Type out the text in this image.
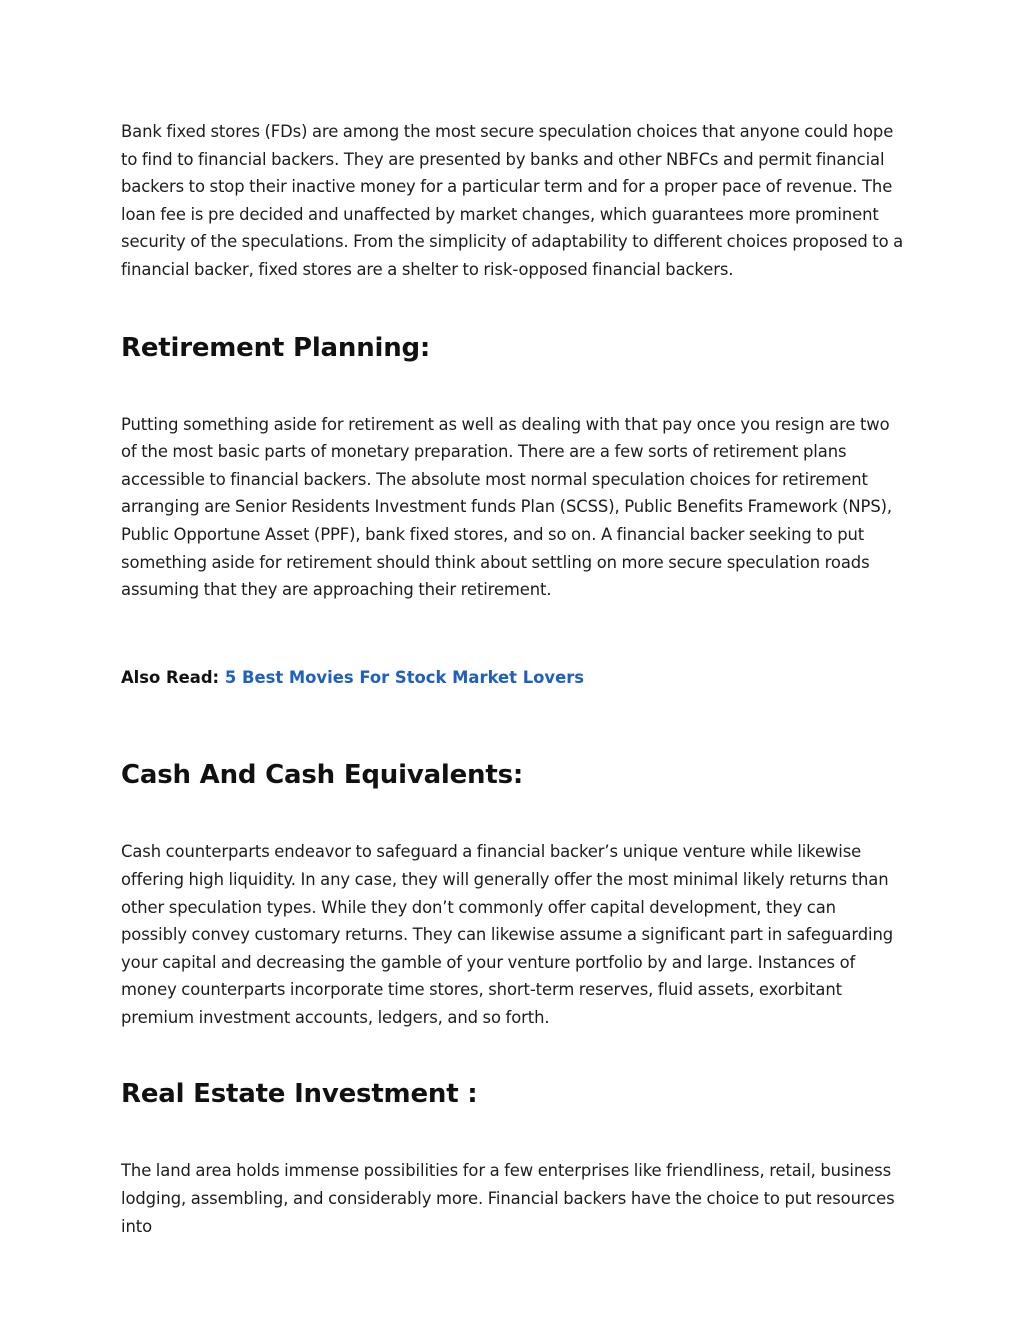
Bank fixed stores (FDs) are among the most secure speculation choices that anyone could hope to find to financial backers. They are presented by banks and other NBFCs and permit financial backers to stop their inactive money for a particular term and for a proper pace of revenue. The loan fee is pre decided and unaffected by market changes, which guarantees more prominent security of the speculations. From the simplicity of adaptability to different choices proposed to a financial backer, fixed stores are a shelter to risk-opposed financial backers.

Retirement Planning:

Putting something aside for retirement as well as dealing with that pay once you resign are two of the most basic parts of monetary preparation. There are a few sorts of retirement plans accessible to financial backers. The absolute most normal speculation choices for retirement arranging are Senior Residents Investment funds Plan (SCSS), Public Benefits Framework (NPS), Public Opportune Asset (PPF), bank fixed stores, and so on. A financial backer seeking to put something aside for retirement should think about settling on more secure speculation roads assuming that they are approaching their retirement.

Also Read: 5 Best Movies For Stock Market Lovers

Cash And Cash Equivalents:

Cash counterparts endeavor to safeguard a financial backer’s unique venture while likewise offering high liquidity. In any case, they will generally offer the most minimal likely returns than other speculation types. While they don’t commonly offer capital development, they can possibly convey customary returns. They can likewise assume a significant part in safeguarding your capital and decreasing the gamble of your venture portfolio by and large. Instances of money counterparts incorporate time stores, short-term reserves, fluid assets, exorbitant premium investment accounts, ledgers, and so forth.

Real Estate Investment :

The land area holds immense possibilities for a few enterprises like friendliness, retail, business lodging, assembling, and considerably more. Financial backers have the choice to put resources into
